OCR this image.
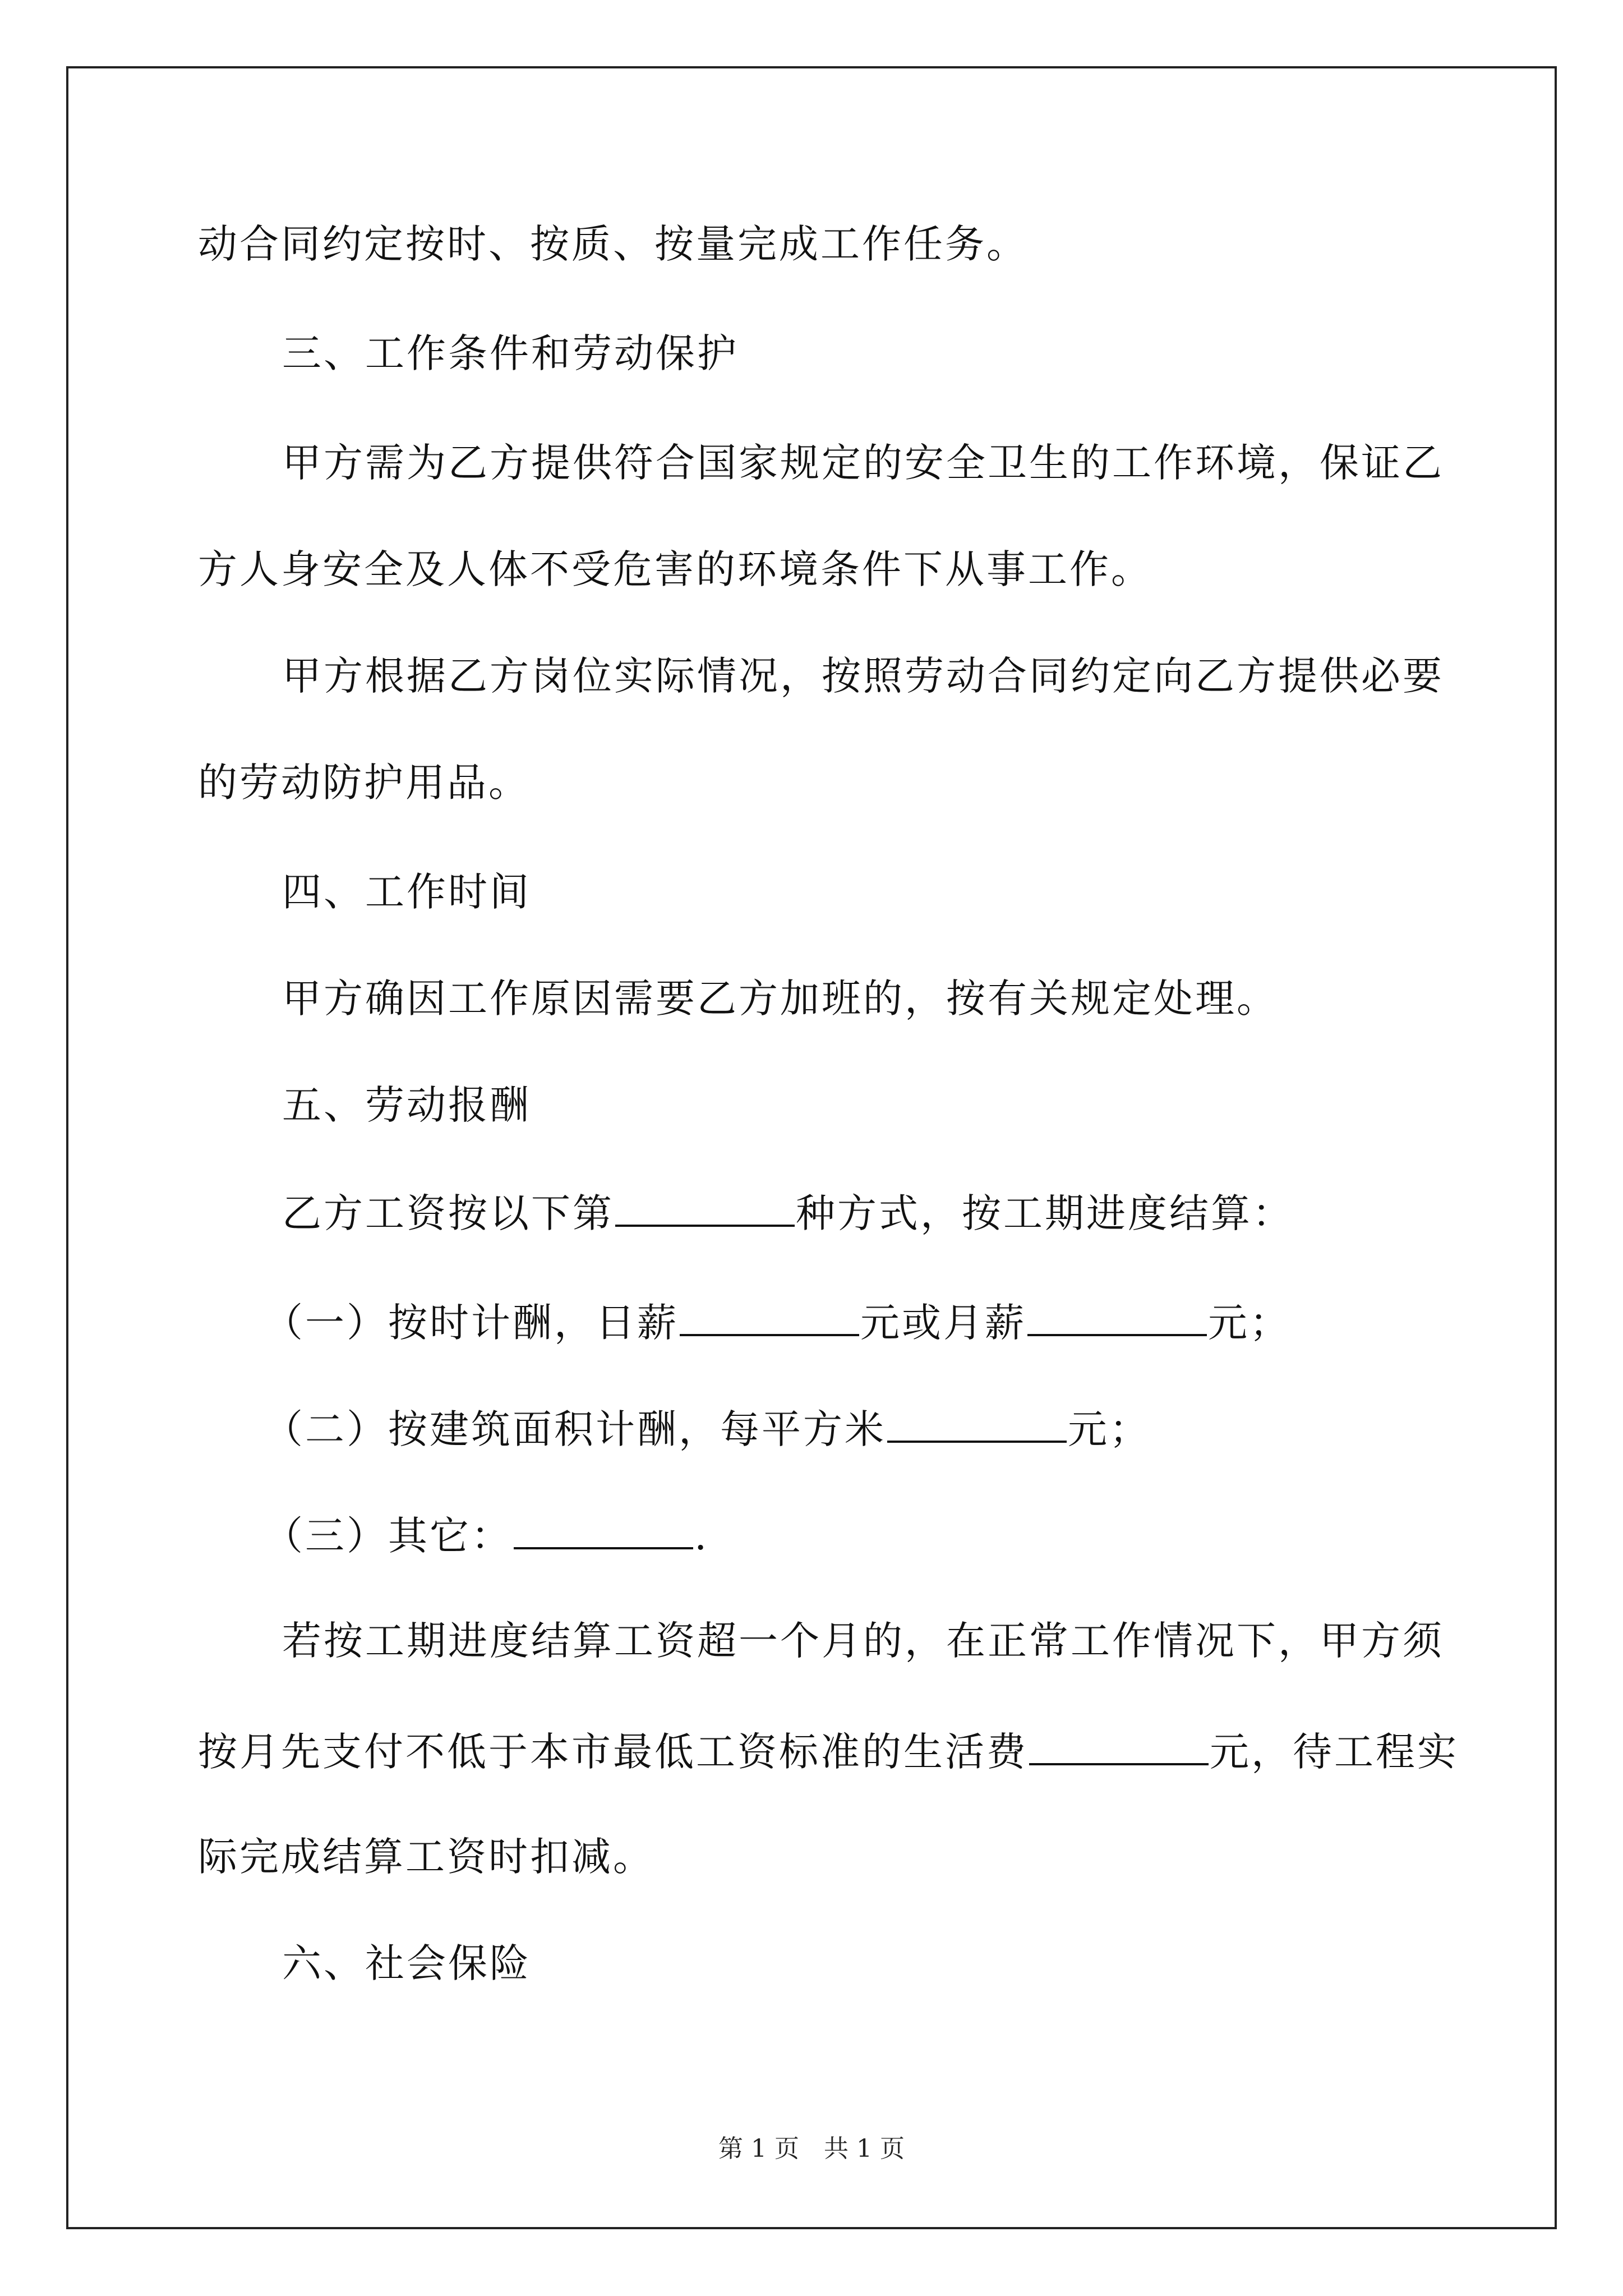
动合同约定按时、按质、按量完成工作任务。
三、工作条件和劳动保护
甲方需为乙方提供符合国家规定的安全卫生的工作环境，保证乙
方人身安全及人体不受危害的环境条件下从事工作。
甲方根据乙方岗位实际情况，按照劳动合同约定向乙方提供必要
的劳动防护用品。
四、工作时间
甲方确因工作原因需要乙方加班的，按有关规定处理。
五、劳动报酬
乙方工资按以下第	种方式，按工期进度结算：
（一）按时计酬，日薪	元或月薪	元；
（二）按建筑面积计酬，每平方米	元；
（三）其它：	.
若按工期进度结算工资超一个月的，在正常工作情况下，甲方须
按月先支付不低于本市最低工资标准的生活费	元，待工程实
际完成结算工资时扣减。
六、社会保险
第 1 页　共 1 页
